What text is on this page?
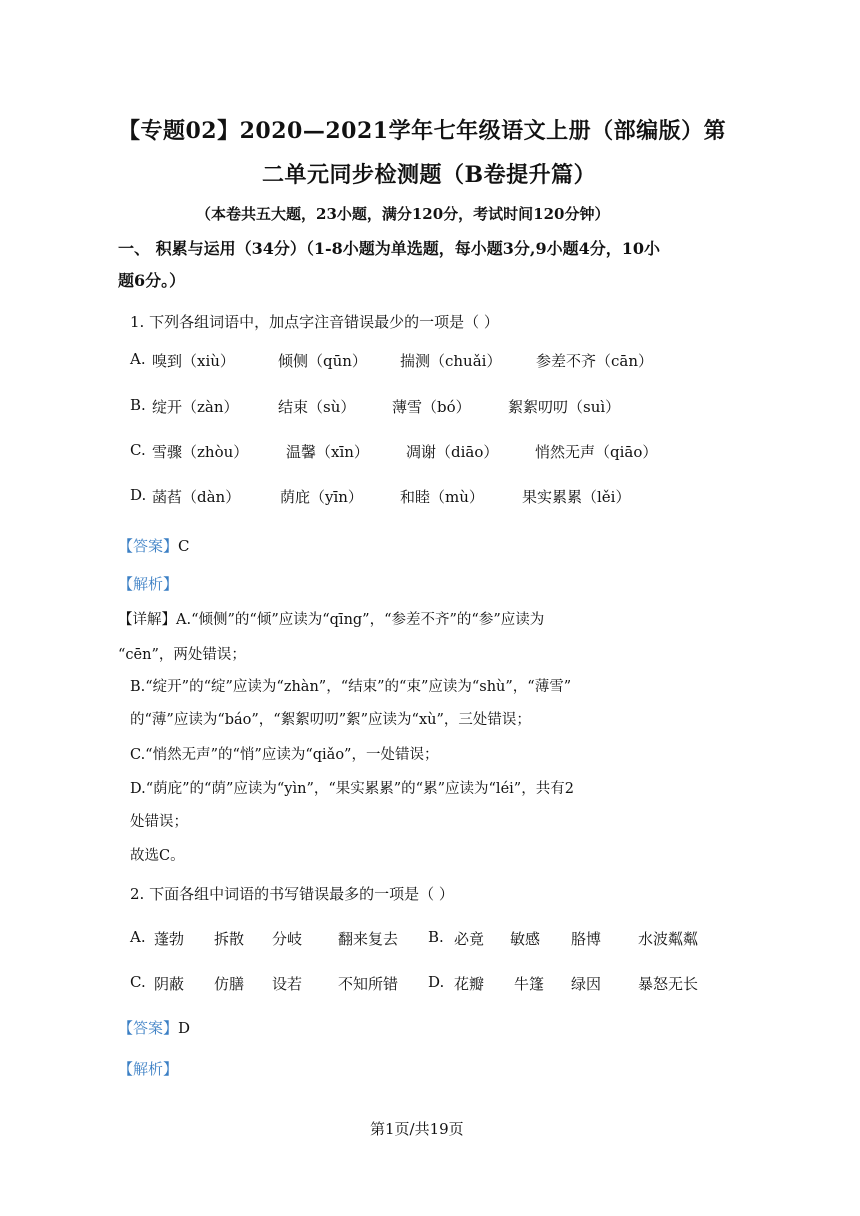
【专题02】2020—2021学年七年级语文上册（部编版）第
二单元同步检测题（B卷提升篇）
（本卷共五大题，23小题，满分120分，考试时间120分钟）
一、 积累与运用（34分）（1-8小题为单选题，每小题3分,9小题4分，10小
题6分。）
1. 下列各组词语中，加点字注音错误最少的一项是（ ）
A. 嗅到（xiù）	倾侧（qūn） 揣测（chuǎi） 参差不齐（cān）
B. 绽开（zàn）	结束（sù） 薄雪（bó） 絮絮叨叨（suì）
C. 雪骤（zhòu）	温馨（xīn） 凋谢（diāo） 悄然无声（qiāo）
D. 菡萏（dàn）	荫庇（yīn） 和睦（mù）	果实累累（lěi）
【答案】C
【解析】
【详解】A.“倾侧”的“倾”应读为“qīng”，“参差不齐”的“参”应读为
“cēn”，两处错误；
B.“绽开”的“绽”应读为“zhàn”，“结束”的“束”应读为“shù”，“薄雪”
的“薄”应读为“báo”，“絮絮叨叨”絮”应读为“xù”，三处错误；
C.“悄然无声”的“悄”应读为“qiǎo”，一处错误；
D.“荫庇”的“荫”应读为“yìn”，“果实累累”的“累”应读为“léi”，共有2
处错误；
故选C。
2. 下面各组中词语的书写错误最多的一项是（ ）
A. 蓬勃 拆散 分岐 翻来复去 B. 必竟 敏感 胳博 水波粼粼
C. 阴蔽 仿膳 设若 不知所错 D. 花瓣 牛篷 绿因 暴怒无长
【答案】D
【解析】
第1页/共19页
